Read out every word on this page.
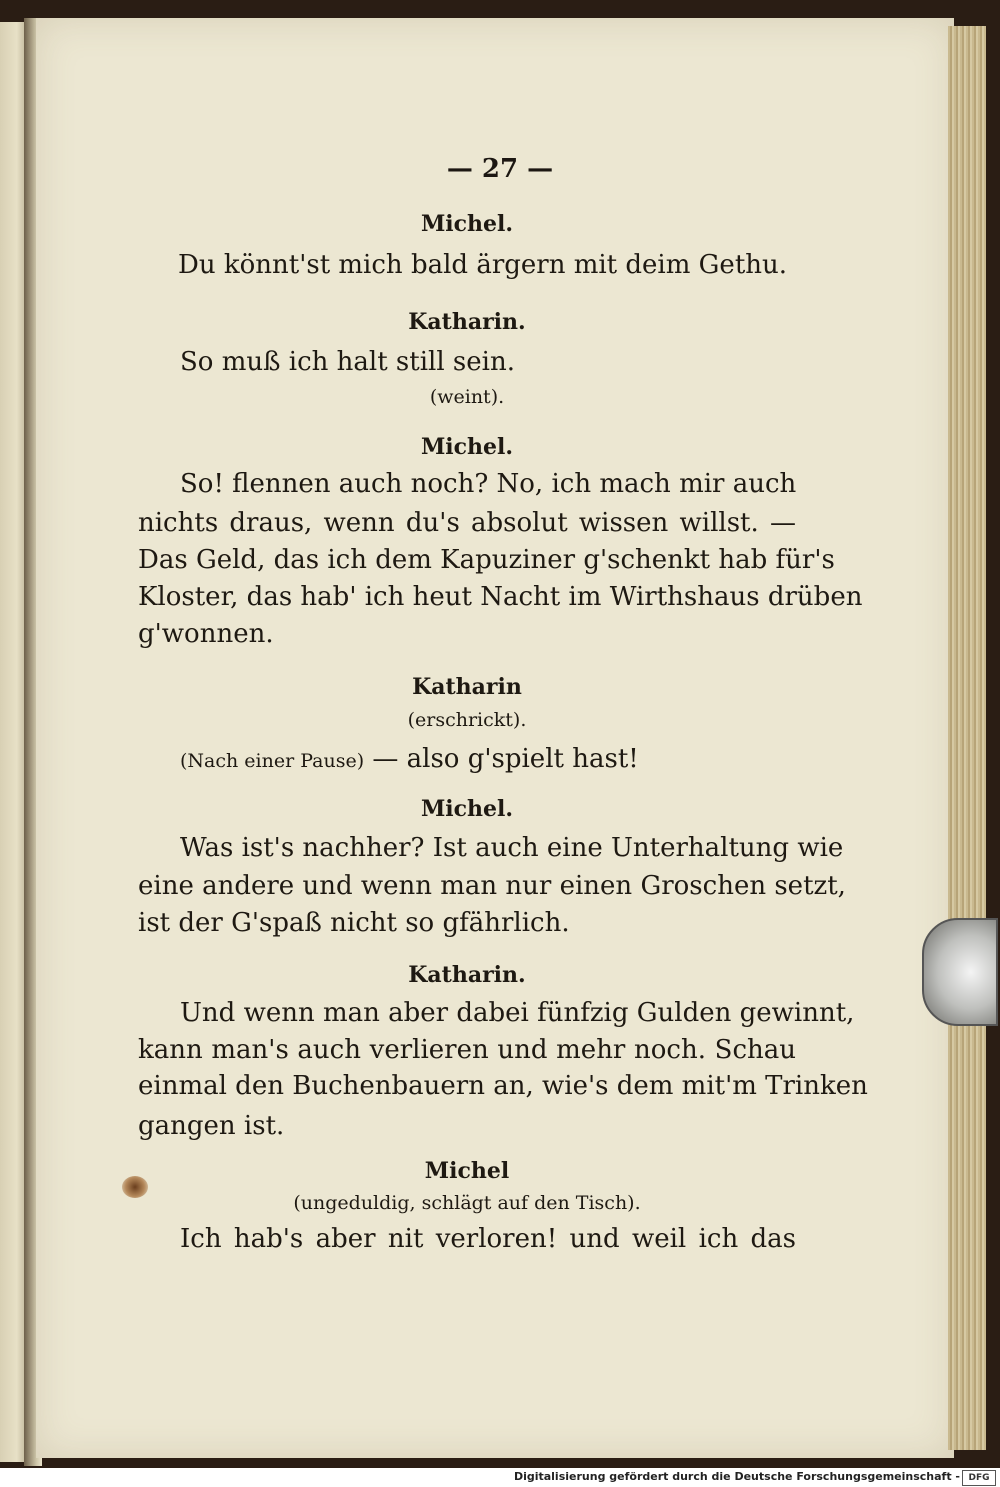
— 27 —
Michel.
Du könnt'st mich bald ärgern mit deim Gethu.
Katharin.
So muß ich halt still sein.
(weint).
Michel.
So! flennen auch noch? No, ich mach mir auch
nichts draus, wenn du's absolut wissen willst. —
Das Geld, das ich dem Kapuziner g'schenkt hab für's
Kloster, das hab' ich heut Nacht im Wirthshaus drüben
g'wonnen.
Katharin
(erschrickt).
(Nach einer Pause) — also g'spielt hast!
Michel.
Was ist's nachher? Ist auch eine Unterhaltung wie
eine andere und wenn man nur einen Groschen setzt,
ist der G'spaß nicht so gfährlich.
Katharin.
Und wenn man aber dabei fünfzig Gulden gewinnt,
kann man's auch verlieren und mehr noch. Schau
einmal den Buchenbauern an, wie's dem mit'm Trinken
gangen ist.
Michel
(ungeduldig, schlägt auf den Tisch).
Ich hab's aber nit verloren! und weil ich das
Digitalisierung gefördert durch die Deutsche Forschungsgemeinschaft - DFG
